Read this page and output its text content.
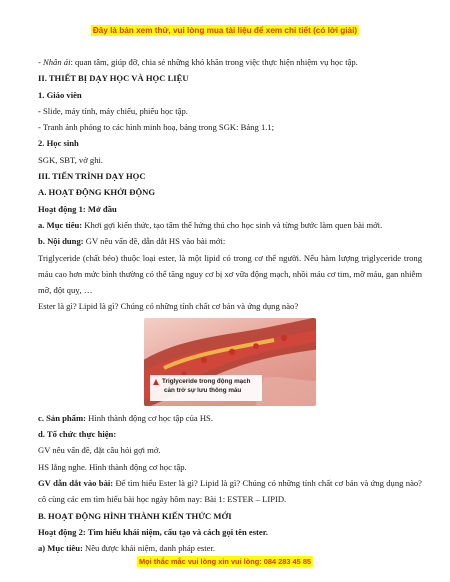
Đây là bản xem thử, vui lòng mua tài liệu để xem chi tiết (có lời giải)

- Nhân ái: quan tâm, giúp đỡ, chia sẻ những khó khăn trong việc thực hiện nhiệm vụ học tập.

II. THIẾT BỊ DẠY HỌC VÀ HỌC LIỆU

1. Giáo viên

- Slide, máy tính, máy chiếu, phiếu học tập.

- Tranh ảnh phóng to các hình minh hoạ, bảng trong SGK: Bảng 1.1;

2. Học sinh

SGK, SBT, vở ghi.

III. TIẾN TRÌNH DẠY HỌC

A. HOẠT ĐỘNG KHỞI ĐỘNG

Hoạt động 1: Mở đầu

a. Mục tiêu: Khơi gợi kiến thức, tạo tâm thế hứng thú cho học sinh và từng bước làm quen bài mới.

b. Nội dung: GV nêu vấn đề, dẫn dắt HS vào bài mới:

Triglyceride (chất béo) thuộc loại ester, là một lipid có trong cơ thể người. Nếu hàm lượng triglyceride trong máu cao hơn mức bình thường có thể tăng nguy cơ bị xơ vữa động mạch, nhồi máu cơ tim, mỡ máu, gan nhiễm mỡ, đột quỵ, …

Ester là gì? Lipid là gì? Chúng có những tính chất cơ bản và ứng dụng nào?

Triglyceride trong động mạch
cản trở sự lưu thông máu

c. Sản phẩm: Hình thành động cơ học tập của HS.

d. Tổ chức thực hiện:

GV nêu vấn đề, đặt câu hỏi gợi mở.

HS lắng nghe. Hình thành động cơ học tập.

GV dẫn dắt vào bài: Để tìm hiểu Ester là gì? Lipid là gì? Chúng có những tính chất cơ bản và ứng dụng nào? cô cùng các em tìm hiểu bài học ngày hôm nay: Bài 1: ESTER – LIPID.

B. HOẠT ĐỘNG HÌNH THÀNH KIẾN THỨC MỚI

Hoạt động 2: Tìm hiểu khái niệm, cấu tạo và cách gọi tên ester.

a) Mục tiêu: Nêu được khái niệm, danh pháp ester.

Mọi thắc mắc vui lòng xin vui lòng: 084 283 45 85
